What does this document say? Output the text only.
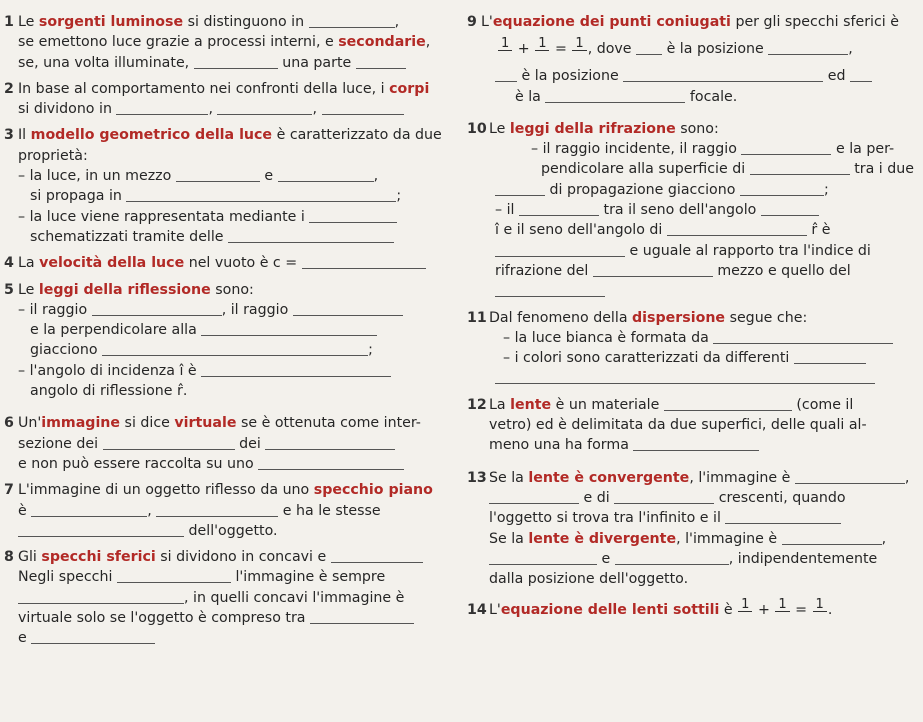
1 Le sorgenti luminose si distinguono in	,
se emettono luce grazie a processi interni, e secondarie,
se, una volta illuminate,	una parte
2 In base al comportamento nei confronti della luce, i corpi
si dividono in	,	,
3 Il modello geometrico della luce è caratterizzato da due
proprietà:
– la luce, in un mezzo	e	,
si propaga in	;
– la luce viene rappresentata mediante i
schematizzati tramite delle
4 La velocità della luce nel vuoto è c =
5 Le leggi della riflessione sono:
– il raggio	, il raggio
e la perpendicolare alla
giacciono	;
– l'angolo di incidenza î è
angolo di riflessione r̂.
6 Un'immagine si dice virtuale se è ottenuta come inter-
sezione dei	dei
e non può essere raccolta su uno
7 L'immagine di un oggetto riflesso da uno specchio piano
è	,	e ha le stesse
dell'oggetto.
8 Gli specchi sferici si dividono in concavi e
Negli specchi	l'immagine è sempre
, in quelli concavi l'immagine è
virtuale solo se l'oggetto è compreso tra
e
9 L'equazione dei punti coniugati per gli specchi sferici è
1 + 1 = 1 , dove è la posizione	,
è la posizione	ed
è la	focale.
10 Le leggi della rifrazione sono:
– il raggio incidente, il raggio	e la per-
pendicolare alla superficie di	tra i due
di propagazione giacciono	;
– il	tra il seno dell'angolo
î e il seno dell'angolo di	r̂ è
e uguale al rapporto tra l'indice di
rifrazione del	mezzo e quello del
11 Dal fenomeno della dispersione segue che:
– la luce bianca è formata da
– i colori sono caratterizzati da differenti
12 La lente è un materiale	(come il
vetro) ed è delimitata da due superfici, delle quali al-
meno una ha forma
13 Se la lente è convergente, l'immagine è	,
e di	crescenti, quando
l'oggetto si trova tra l'infinito e il
Se la lente è divergente, l'immagine è	,
e	, indipendentemente
dalla posizione dell'oggetto.
14 L'equazione delle lenti sottili è 1 + 1 = 1 .
